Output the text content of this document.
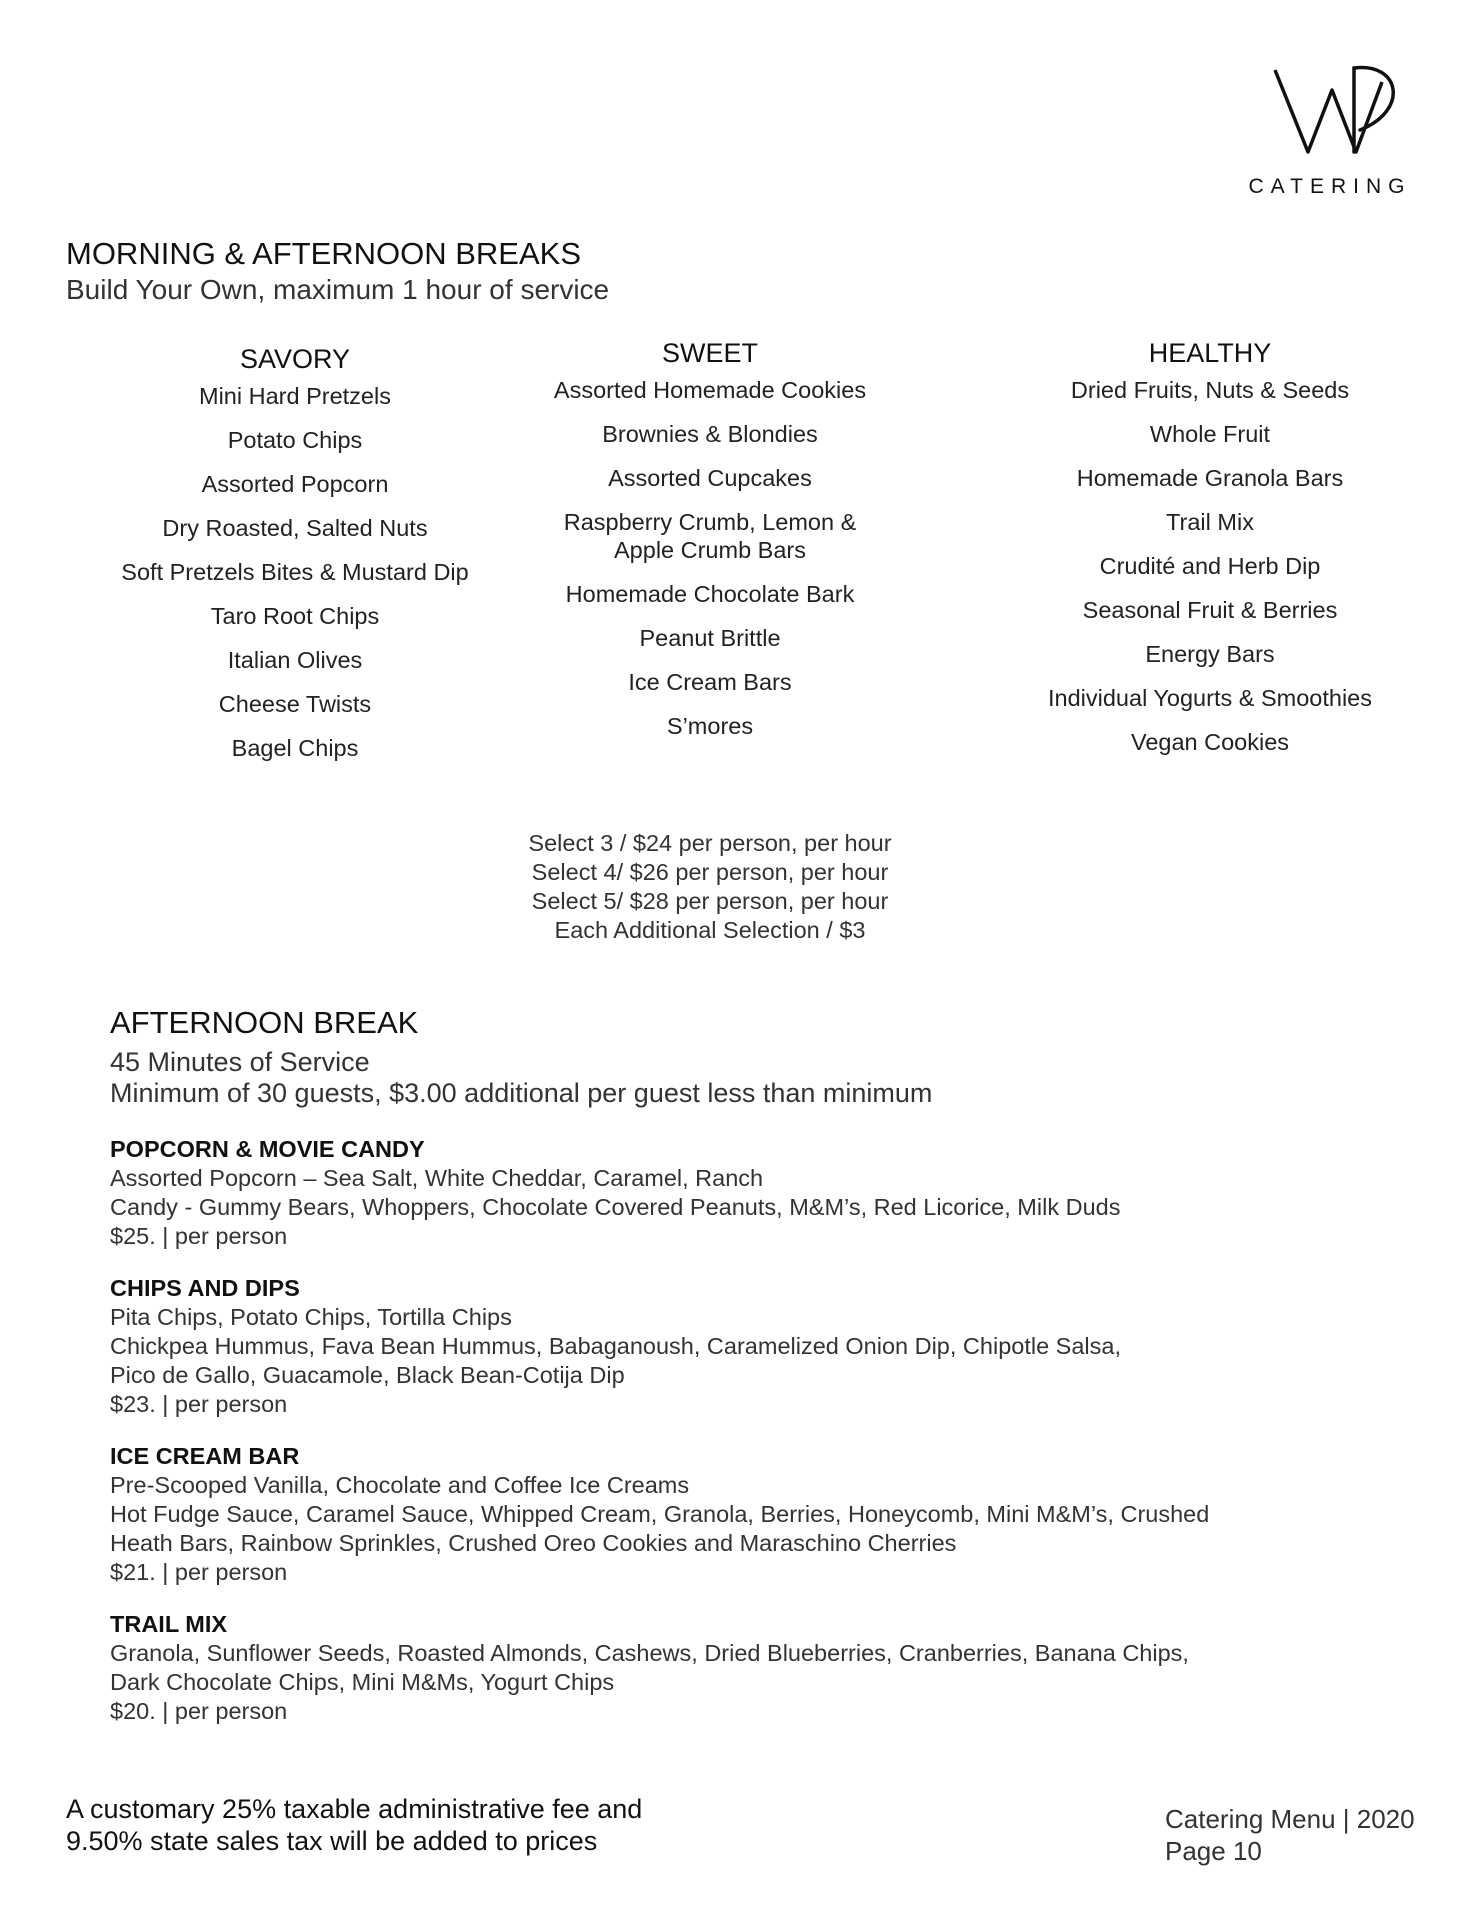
CATERING
MORNING & AFTERNOON BREAKS
Build Your Own, maximum 1 hour of service
SAVORY
Mini Hard Pretzels
Potato Chips
Assorted Popcorn
Dry Roasted, Salted Nuts
Soft Pretzels Bites & Mustard Dip
Taro Root Chips
Italian Olives
Cheese Twists
Bagel Chips
SWEET
Assorted Homemade Cookies
Brownies & Blondies
Assorted Cupcakes
Raspberry Crumb, Lemon & Apple Crumb Bars
Homemade Chocolate Bark
Peanut Brittle
Ice Cream Bars
S’mores
HEALTHY
Dried Fruits, Nuts & Seeds
Whole Fruit
Homemade Granola Bars
Trail Mix
Crudité and Herb Dip
Seasonal Fruit & Berries
Energy Bars
Individual Yogurts & Smoothies
Vegan Cookies
Select 3 / $24 per person, per hour
Select 4/ $26 per person, per hour
Select 5/ $28 per person, per hour
Each Additional Selection / $3
AFTERNOON BREAK
45 Minutes of Service
Minimum of 30 guests, $3.00 additional per guest less than minimum
POPCORN & MOVIE CANDY
Assorted Popcorn – Sea Salt, White Cheddar, Caramel, Ranch
Candy - Gummy Bears, Whoppers, Chocolate Covered Peanuts, M&M’s, Red Licorice, Milk Duds
$25. | per person
CHIPS AND DIPS
Pita Chips, Potato Chips, Tortilla Chips
Chickpea Hummus, Fava Bean Hummus, Babaganoush, Caramelized Onion Dip, Chipotle Salsa,
Pico de Gallo, Guacamole, Black Bean-Cotija Dip
$23. | per person
ICE CREAM BAR
Pre-Scooped Vanilla, Chocolate and Coffee Ice Creams
Hot Fudge Sauce, Caramel Sauce, Whipped Cream, Granola, Berries, Honeycomb, Mini M&M’s, Crushed
Heath Bars, Rainbow Sprinkles, Crushed Oreo Cookies and Maraschino Cherries
$21. | per person
TRAIL MIX
Granola, Sunflower Seeds, Roasted Almonds, Cashews, Dried Blueberries, Cranberries, Banana Chips,
Dark Chocolate Chips, Mini M&Ms, Yogurt Chips
$20. | per person
A customary 25% taxable administrative fee and
9.50% state sales tax will be added to prices
Catering Menu | 2020
Page 10
